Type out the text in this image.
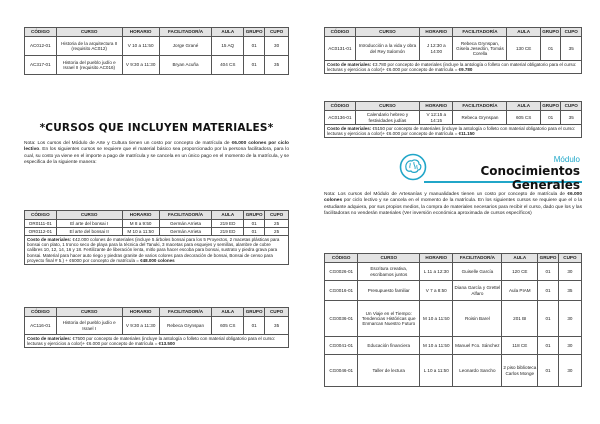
CÓDIGO	CURSO	HORARIO	FACILITADOR/A	AULA	GRUPO	CUPO
AC012-01	Historia de la arquitectura II (requisito AC012)	V 10 a 11:50	Jorge Grané	15 AQ	01	30
AC317-01	Historia del pueblo judío e Israel II (requisito AC016)	V 9:30 a 11:30	Bryan Acuña	404 CS	01	35
*CURSOS QUE INCLUYEN MATERIALES*
Nota: Los cursos del Módulo de Arte y Cultura tienen un costo por concepto de matrícula de ¢6.000 colones por ciclo lectivo. En los siguientes cursos se requiere que el material básico sea proporcionado por la persona facilitadora, para lo cual, su costo ya viene en el importe a pago de matrícula y se cancela en un único pago en el momento de la matrícula, y se especifica de la siguiente manera:
CÓDIGO	CURSO	HORARIO	FACILITADOR/A	AULA	GRUPO	CUPO
OR0111-01	El arte del bonsai I	M 8 a 9:50	Germán Arrieta	219 ED	01	25
OR0112-01	El arte del bonsai II	M 10 a 11:50	Germán Arrieta	219 ED	01	25
Costo de materiales: ¢42.000 colones de materiales (incluye 5 árboles bonsai para los 5 Proyectos, 2 macetas plásticas para bonsai con plato, 1 tronco seco de playa para la técnica del Tanuki, 3 macetas para esquejes y semillas, alambre de cobre calibres 10, 12, 14, 16 y 18. Fertilizante de liberación lenta, mitlo para hacer escoba para bonsai, sustrato y piedra grava para bonsai. Material para hacer auto riego y piedras granite de varios colores para decoración de bonsai, Bonsai de censo para proyecto final # 5.) + ¢6000 por concepto de matrícula = ¢48.000 colones						
CÓDIGO	CURSO	HORARIO	FACILITADOR/A	AULA	GRUPO	CUPO
AC116-01	Historia del pueblo judío e Israel I	V 9:30 a 11:30	Rebeca Grynspan	605 CS	01	35
Costo de materiales: ¢7500 por concepto de materiales (incluye la antología o folleto con material obligatorio para el curso: lecturas y ejercicios a color)+ ¢6.000 por concepto de matrícula = ¢13.500						
CÓDIGO	CURSO	HORARIO	FACILITADOR/A	AULA	GRUPO	CUPO
AC0131-01	Introducción a la vida y obra del Rey Salomón	J 12:30 a 14:00	Rebeca Grynspan, Gisela Jesedón, Tomás Corella	130 CE	01	35
Costo de materiales: ¢3.780 por concepto de materiales (incluye la antología o folleto con material obligatorio para el curso: lecturas y ejercicios a color)+ ¢6.000 por concepto de matrícula = ¢9.780						
CÓDIGO	CURSO	HORARIO	FACILITADOR/A	AULA	GRUPO	CUPO
AC0136-01	Calendario hebreo y festividades judías	V 12:15 a 14:15	Rebeca Grynspan	605 CS	01	35
Costo de materiales: ¢5150 por concepto de materiales (incluye la antología o folleto con material obligatorio para el curso: lecturas y ejercicios a color)+ ¢6.000 por concepto de matrícula = ¢11.150						
Módulo
Conocimientos Generales
Nota: Los cursos del Módulo de Artesanías y manualidades tienen un costo por concepto de matrícula de ¢6.000 colones por ciclo lectivo y se cancela en el momento de la matrícula. En los siguientes cursos se requiere que el o la estudiante adquiera, por sus propios medios, la compra de materiales necesarios para recibir el curso, dado que los y las facilitadoras no venderán materiales (Ver inversión económica aproximada de cursos específicos)
CÓDIGO	CURSO	HORARIO	FACILITADOR/A	AULA	GRUPO	CUPO
CG0026-01	Escritura creativa, escribamos juntos	L 11 a 12:30	Guiselle García	120 CE	01	30
CG0016-01	Presupuesto familiar	V 7 a 8:50	Diana García y Grettel Alfaro	Aula PIAM	01	35
CG0036-01	Un Viaje en el Tiempo: Tendencias Históricas que Enmarcan Nuestro Futuro	M 10 a 11:50	Roisin Barel	201 BI	01	30
CG0041-01	Educación financiera	M 10 a 11:50	Manuel Fco. Sánchez	118 CE	01	30
CG0046-01	Taller de lectura	L 10 a 11:50	Leonardo Sancho	2 piso biblioteca Carlos Monge	01	30
